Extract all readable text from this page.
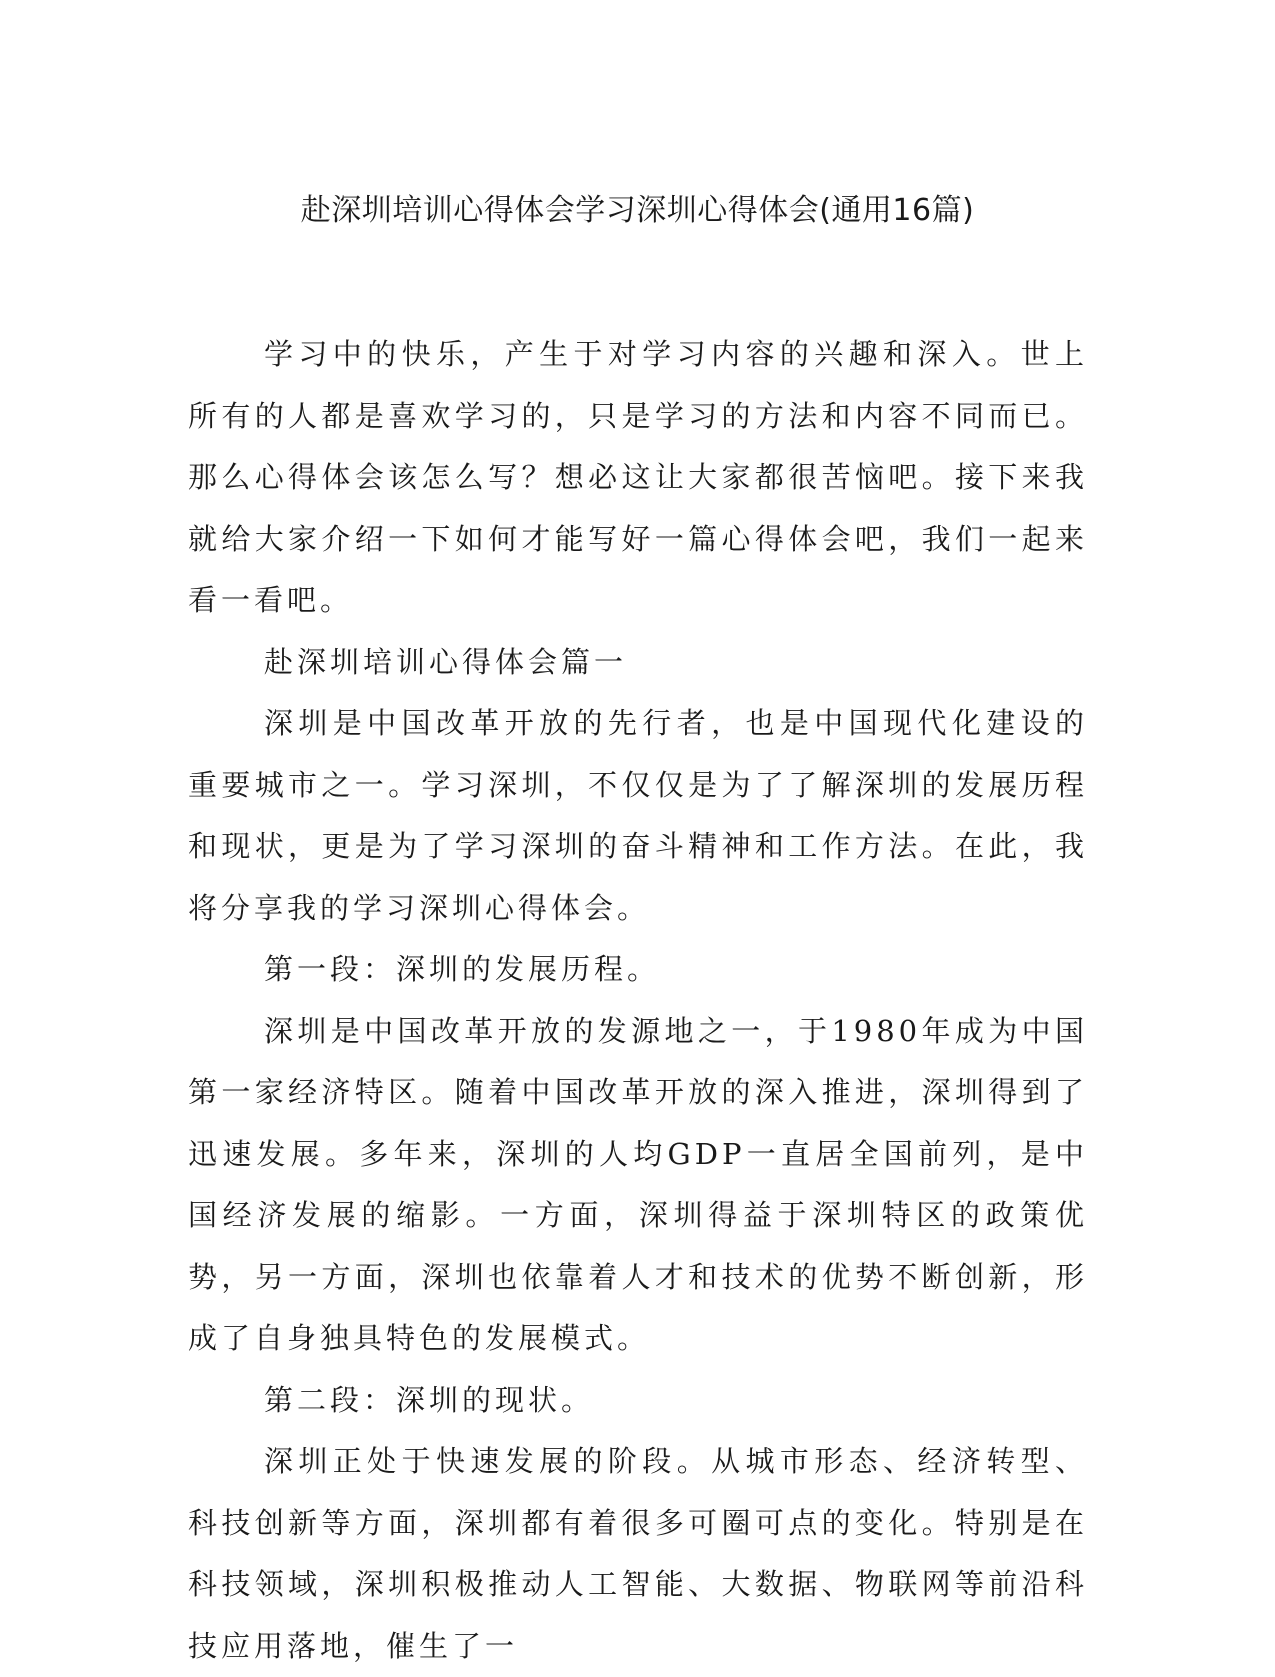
赴深圳培训心得体会学习深圳心得体会(通用16篇)

学习中的快乐，产生于对学习内容的兴趣和深入。世上所有的人都是喜欢学习的，只是学习的方法和内容不同而已。那么心得体会该怎么写？想必这让大家都很苦恼吧。接下来我就给大家介绍一下如何才能写好一篇心得体会吧，我们一起来看一看吧。

赴深圳培训心得体会篇一

深圳是中国改革开放的先行者，也是中国现代化建设的重要城市之一。学习深圳，不仅仅是为了了解深圳的发展历程和现状，更是为了学习深圳的奋斗精神和工作方法。在此，我将分享我的学习深圳心得体会。

第一段：深圳的发展历程。

深圳是中国改革开放的发源地之一，于1980年成为中国第一家经济特区。随着中国改革开放的深入推进，深圳得到了迅速发展。多年来，深圳的人均GDP一直居全国前列，是中国经济发展的缩影。一方面，深圳得益于深圳特区的政策优势，另一方面，深圳也依靠着人才和技术的优势不断创新，形成了自身独具特色的发展模式。

第二段：深圳的现状。

深圳正处于快速发展的阶段。从城市形态、经济转型、科技创新等方面，深圳都有着很多可圈可点的变化。特别是在科技领域，深圳积极推动人工智能、大数据、物联网等前沿科技应用落地，催生了一
